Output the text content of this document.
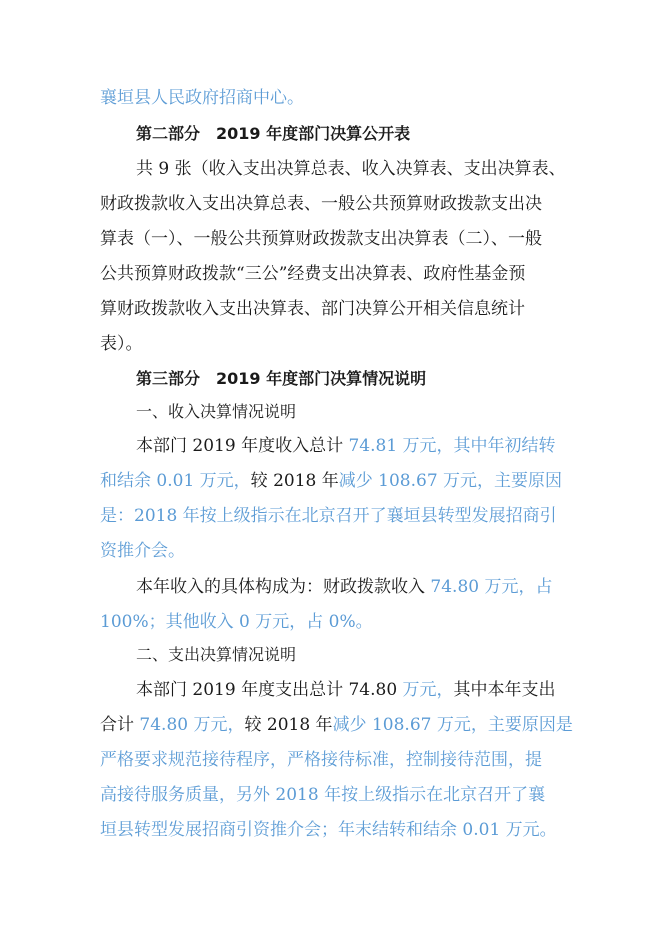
襄垣县人民政府招商中心。
第二部分　2019 年度部门决算公开表
共 9 张（收入支出决算总表、收入决算表、支出决算表、
财政拨款收入支出决算总表、一般公共预算财政拨款支出决
算表（一）、一般公共预算财政拨款支出决算表（二）、一般
公共预算财政拨款“三公”经费支出决算表、政府性基金预
算财政拨款收入支出决算表、部门决算公开相关信息统计
表）。
第三部分　2019 年度部门决算情况说明
一、收入决算情况说明
本部门 2019 年度收入总计 74.81 万元，其中年初结转
和结余 0.01 万元，较 2018 年减少 108.67 万元，主要原因
是：2018 年按上级指示在北京召开了襄垣县转型发展招商引
资推介会。
本年收入的具体构成为：财政拨款收入 74.80 万元，占
100%；其他收入 0 万元，占 0%。
二、支出决算情况说明
本部门 2019 年度支出总计 74.80 万元，其中本年支出
合计 74.80 万元，较 2018 年减少 108.67 万元，主要原因是
严格要求规范接待程序，严格接待标准，控制接待范围，提
高接待服务质量，另外 2018 年按上级指示在北京召开了襄
垣县转型发展招商引资推介会；年末结转和结余 0.01 万元。
